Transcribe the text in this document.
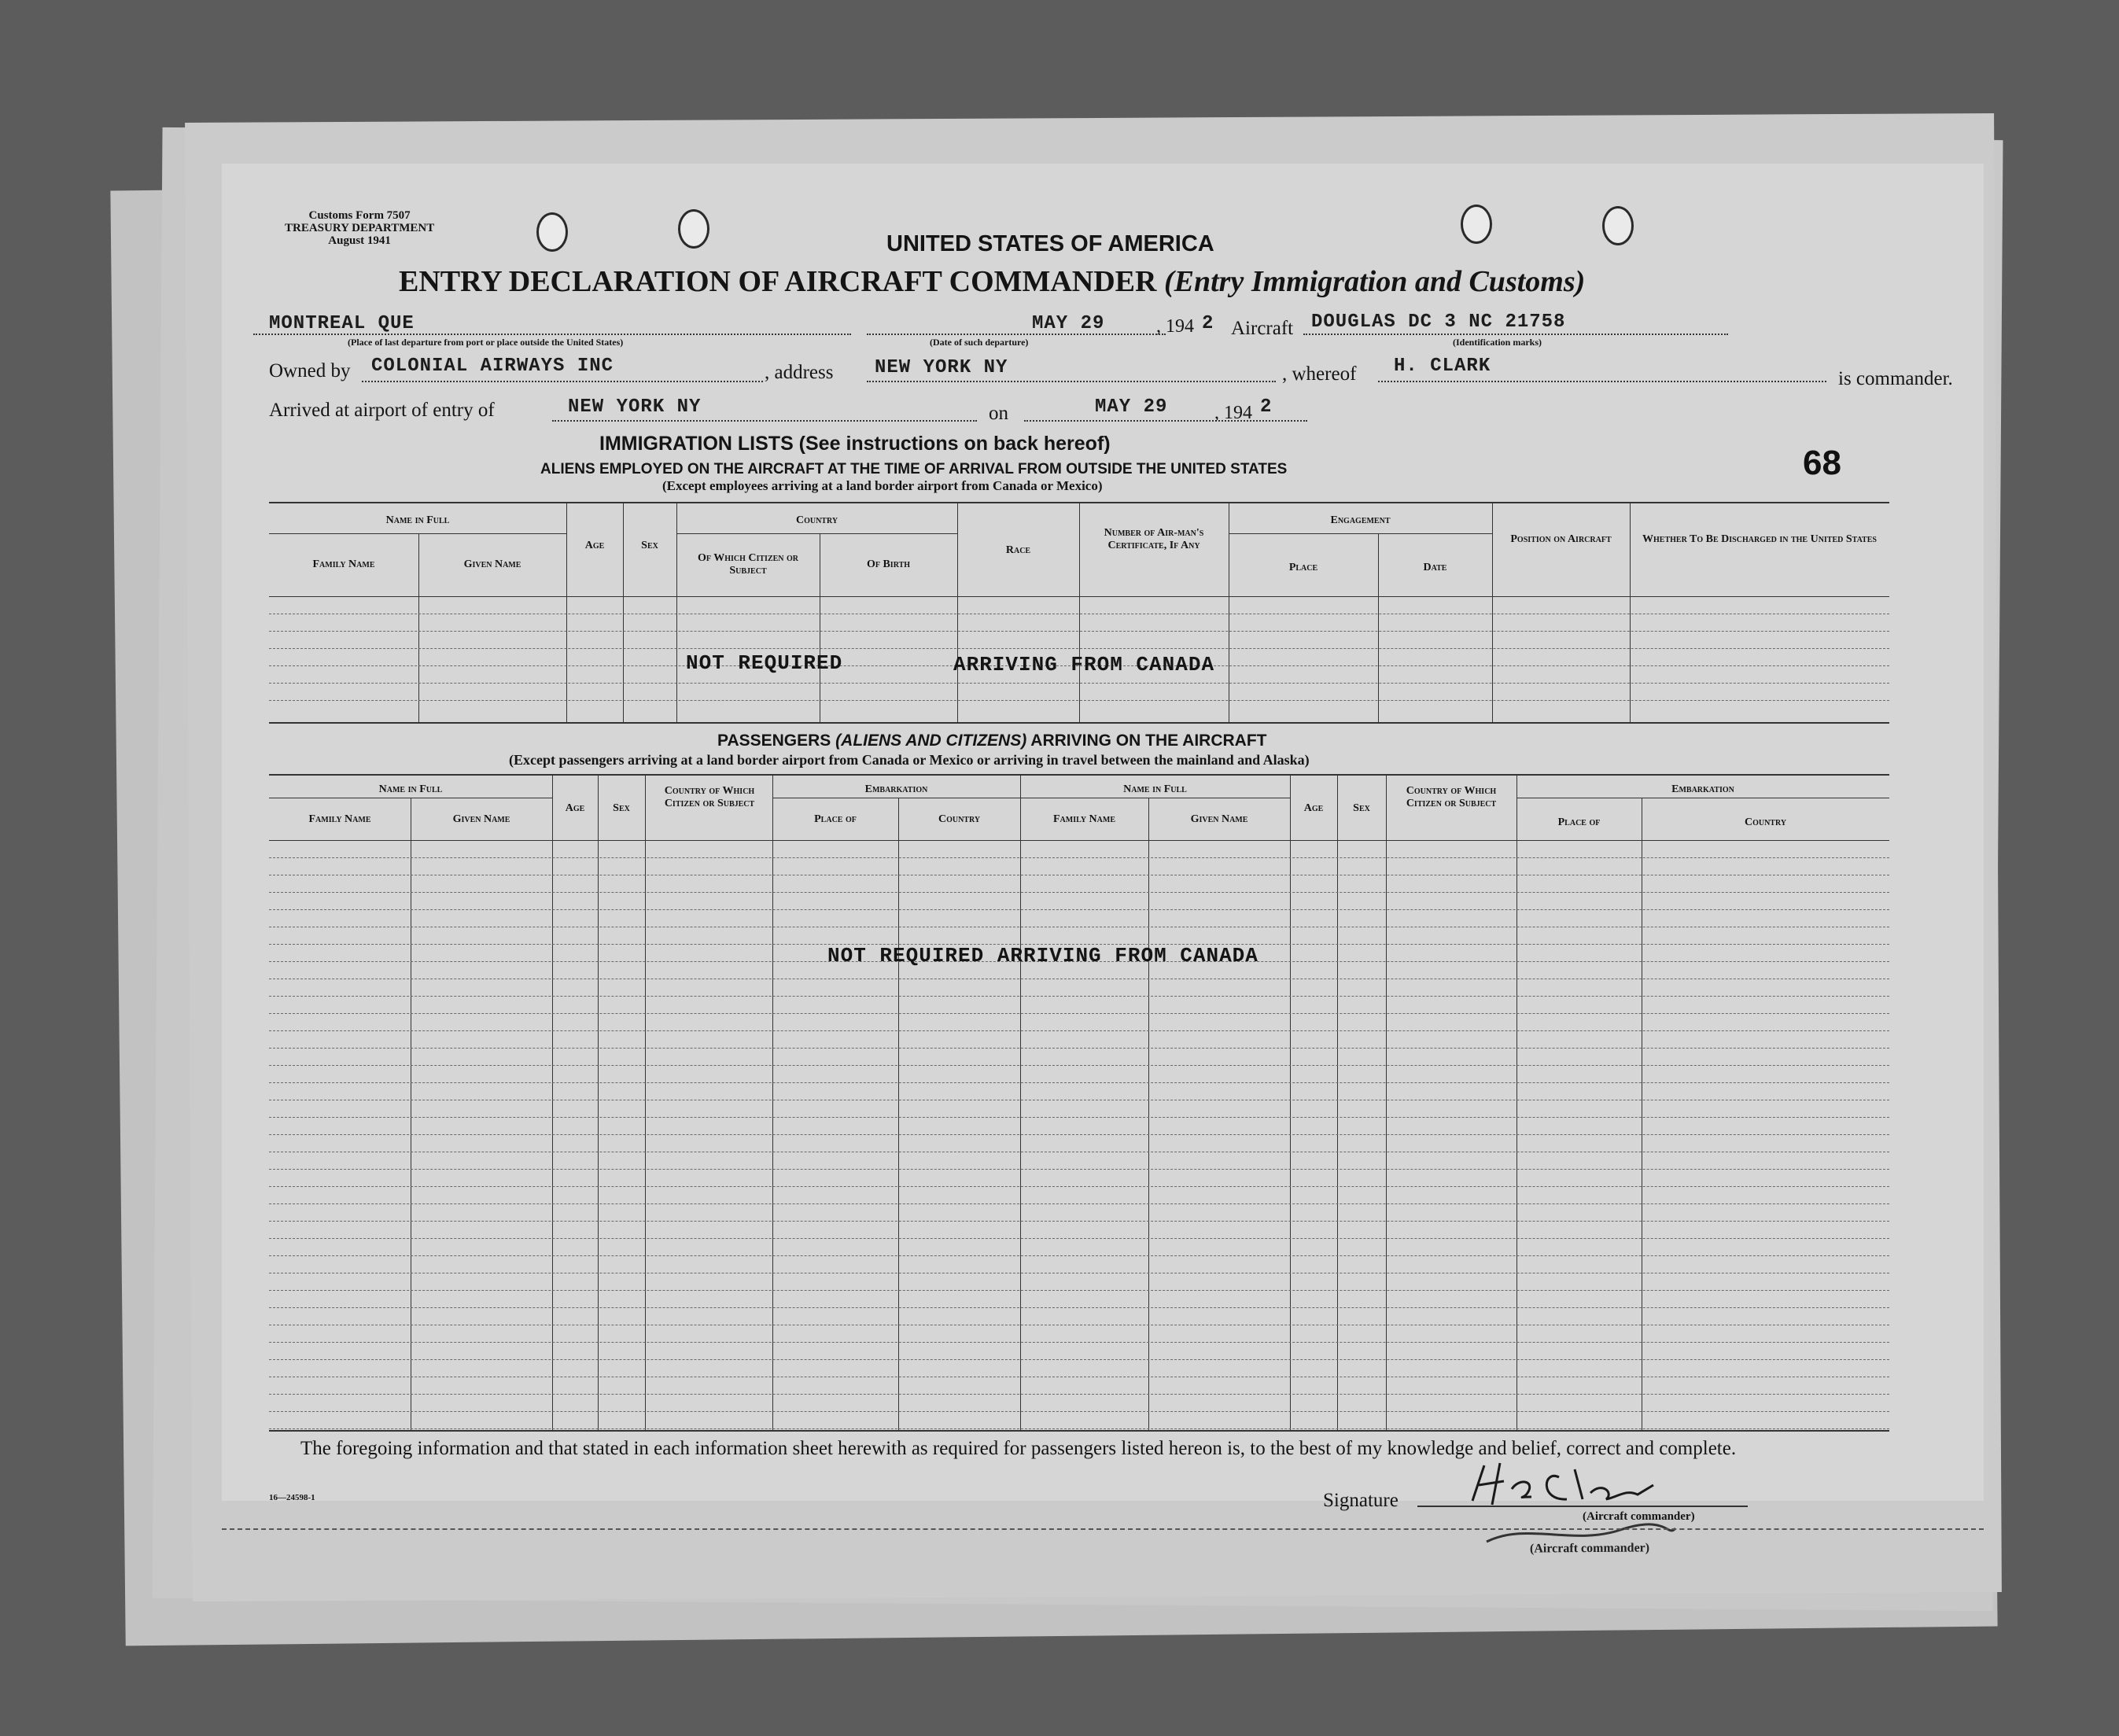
(Aircraft commander)
Customs Form 7507
TREASURY DEPARTMENT
August 1941	UNITED STATES OF AMERICA
ENTRY DECLARATION OF AIRCRAFT COMMANDER (Entry Immigration and Customs)
MONTREAL QUE
(Place of last departure from port or place outside the United States)
MAY 29
(Date of such departure)
, 194 2 Aircraft DOUGLAS DC 3 NC 21758
(Identification marks)
Owned by COLONIAL AIRWAYS INC	, address NEW YORK NY	, whereof H. CLARK
is commander.
Arrived at airport of entry of	NEW YORK NY	on	MAY 29 , 194 2
IMMIGRATION LISTS (See instructions on back hereof)
ALIENS EMPLOYED ON THE AIRCRAFT AT THE TIME OF ARRIVAL FROM OUTSIDE THE UNITED STATES
(Except employees arriving at a land border airport from Canada or Mexico)
68
Name in Full
Family Name	Given Name
Age	Sex
Country
Of Which Citizen or Subject
Of Birth
Race
Number of Air-man's Certificate, If Any
Engagement
Place	Date
Position on Aircraft	Whether To Be Discharged in the United States
NOT REQUIRED	ARRIVING FROM CANADA
PASSENGERS (ALIENS AND CITIZENS) ARRIVING ON THE AIRCRAFT
(Except passengers arriving at a land border airport from Canada or Mexico or arriving in travel between the mainland and Alaska)
Name in Full
Family Name	Given Name
Age	Sex
Country of Which Citizen or Subject
Embarkation
Place of	Country
Name in Full
Family Name	Given Name
Age	Sex
Country of Which Citizen or Subject
Embarkation
Place of	Country
NOT REQUIRED ARRIVING FROM CANADA
The foregoing information and that stated in each information sheet herewith as required for passengers listed hereon is, to the best of my knowledge and belief, correct and complete.
16—24598-1	Signature
(Aircraft commander)
